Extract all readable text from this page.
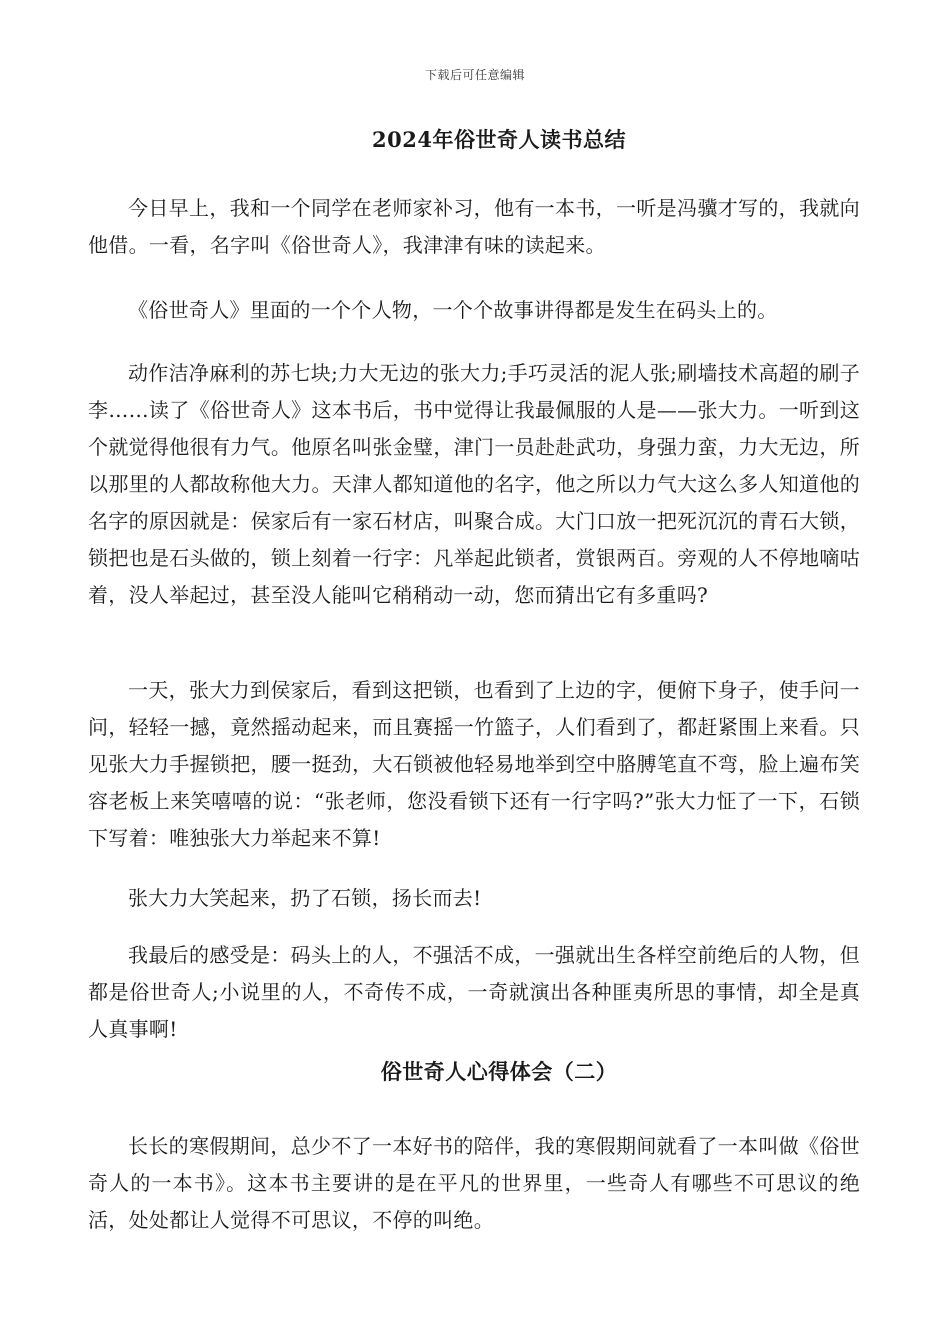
下载后可任意编辑
2024年俗世奇人读书总结

今日早上，我和一个同学在老师家补习，他有一本书，一听是冯骥才写的，我就向他借。一看，名字叫《俗世奇人》，我津津有味的读起来。

《俗世奇人》里面的一个个人物，一个个故事讲得都是发生在码头上的。

动作洁净麻利的苏七块;力大无边的张大力;手巧灵活的泥人张;刷墙技术高超的刷子李……读了《俗世奇人》这本书后，书中觉得让我最佩服的人是——张大力。一听到这个就觉得他很有力气。他原名叫张金璧，津门一员赴赴武功，身强力蛮，力大无边，所以那里的人都故称他大力。天津人都知道他的名字，他之所以力气大这么多人知道他的名字的原因就是：侯家后有一家石材店，叫聚合成。大门口放一把死沉沉的青石大锁，锁把也是石头做的，锁上刻着一行字：凡举起此锁者，赏银两百。旁观的人不停地嘀咕着，没人举起过，甚至没人能叫它稍稍动一动，您而猜出它有多重吗?

一天，张大力到侯家后，看到这把锁，也看到了上边的字，便俯下身子，使手问一问，轻轻一撼，竟然摇动起来，而且赛摇一竹篮子，人们看到了，都赶紧围上来看。只见张大力手握锁把，腰一挺劲，大石锁被他轻易地举到空中胳膊笔直不弯，脸上遍布笑容老板上来笑嘻嘻的说：“张老师，您没看锁下还有一行字吗?”张大力怔了一下，石锁下写着：唯独张大力举起来不算!

张大力大笑起来，扔了石锁，扬长而去!

我最后的感受是：码头上的人，不强活不成，一强就出生各样空前绝后的人物，但都是俗世奇人;小说里的人，不奇传不成，一奇就演出各种匪夷所思的事情，却全是真人真事啊!

俗世奇人心得体会（二）

长长的寒假期间，总少不了一本好书的陪伴，我的寒假期间就看了一本叫做《俗世奇人的一本书》。这本书主要讲的是在平凡的世界里，一些奇人有哪些不可思议的绝活，处处都让人觉得不可思议，不停的叫绝。
